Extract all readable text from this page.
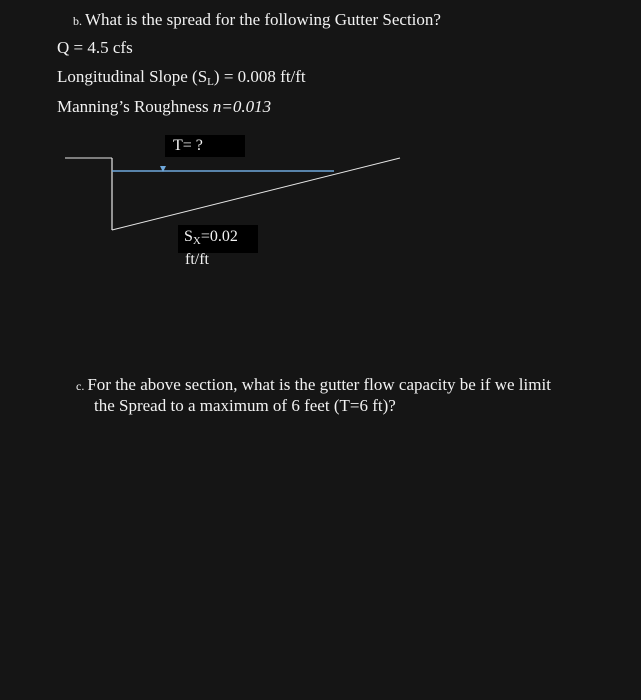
b. What is the spread for the following Gutter Section?
Q = 4.5 cfs
Longitudinal Slope $(S_L) = 0.008$ ft/ft
Manning’s Roughness n=0.013
T= ?
$S_X=0.02$
ft/ft
c. For the above section, what is the gutter flow capacity be if we limit
the Spread to a maximum of 6 feet (T=6 ft)?
